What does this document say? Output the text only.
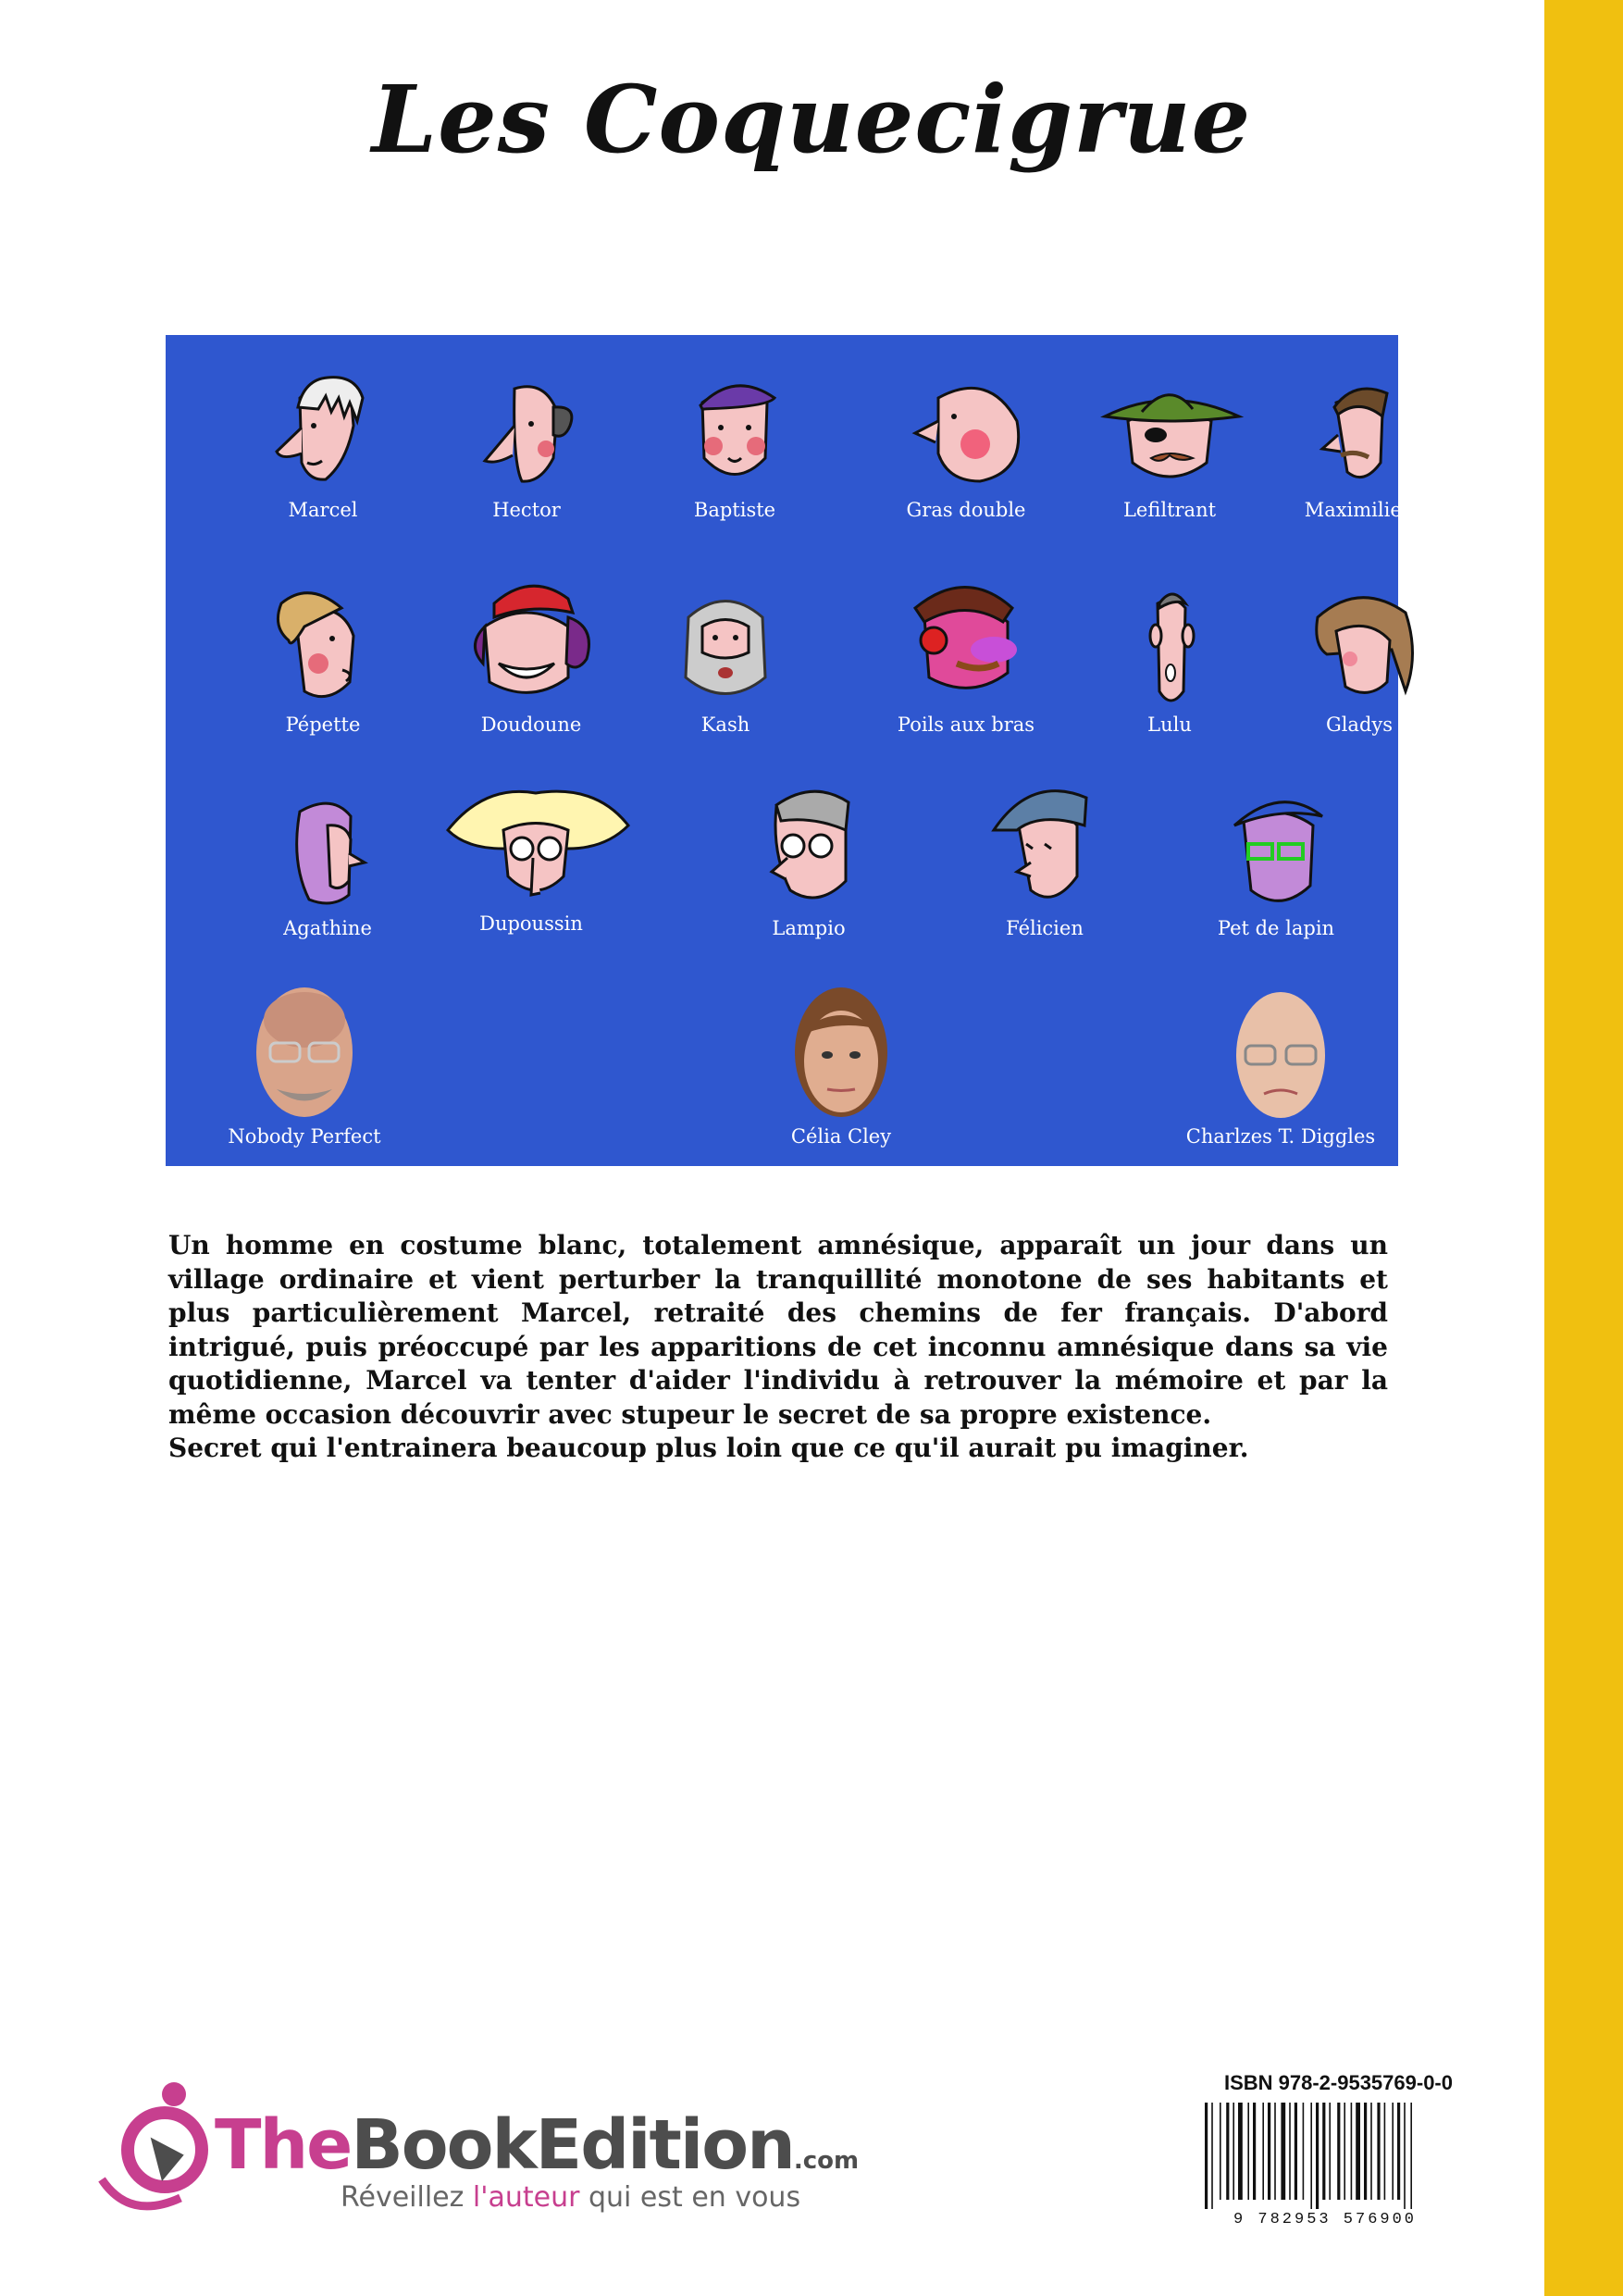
Les Coquecigrue
Marcel	Hector	Baptiste	Gras double	Lefiltrant	Maximilien
Pépette	Doudoune	Kash	Poils aux bras	Lulu	Gladys
Agathine	Dupoussin	Lampio	Félicien	Pet de lapin
Nobody Perfect	Célia Cley	Charlzes T. Diggles

Un homme en costume blanc, totalement amnésique, apparaît un jour dans un village ordinaire et vient perturber la tranquillité monotone de ses habitants et plus particulièrement Marcel, retraité des chemins de fer français. D'abord intrigué, puis préoccupé par les apparitions de cet inconnu amnésique dans sa vie quotidienne, Marcel va tenter d'aider l'individu à retrouver la mémoire et par la même occasion découvrir avec stupeur le secret de sa propre existence.

Secret qui l'entrainera beaucoup plus loin que ce qu'il aurait pu imaginer.

TheBookEdition.com
Réveillez l'auteur qui est en vous
ISBN 978-2-9535769-0-0
9 782953 576900
